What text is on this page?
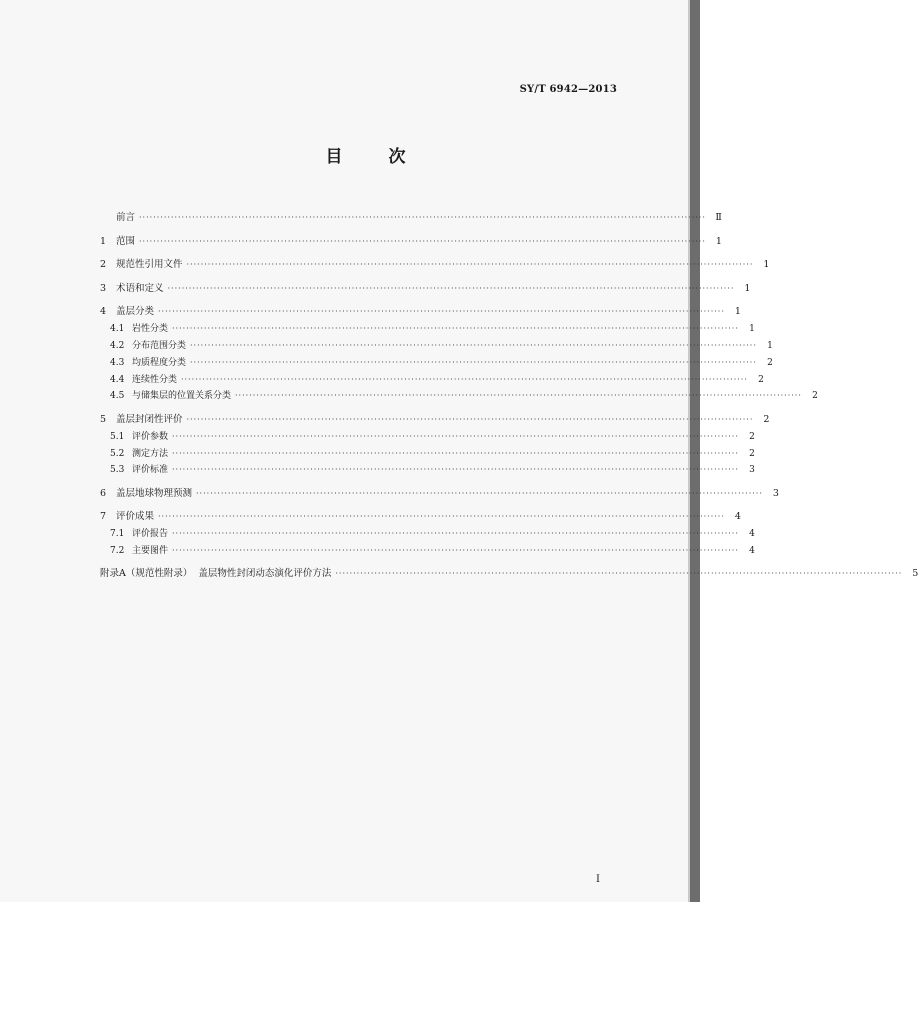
SY/T 6942—2013
目	次
前言 ································································································································································	Ⅱ
1 范围 ································································································································································	1
2 规范性引用文件 ································································································································································	1
3 术语和定义 ································································································································································	1
4 盖层分类 ································································································································································	1
4.1 岩性分类 ································································································································································	1
4.2 分布范围分类 ································································································································································	1
4.3 均质程度分类 ································································································································································	2
4.4 连续性分类 ································································································································································	2
4.5 与储集层的位置关系分类 ································································································································································	2
5 盖层封闭性评价 ································································································································································	2
5.1 评价参数 ································································································································································	2
5.2 测定方法 ································································································································································	2
5.3 评价标准 ································································································································································	3
6 盖层地球物理预测 ································································································································································	3
7 评价成果 ································································································································································	4
7.1 评价报告 ································································································································································	4
7.2 主要图件 ································································································································································	4
附录A（规范性附录） 盖层物性封闭动态演化评价方法 ································································································································································	5
I
